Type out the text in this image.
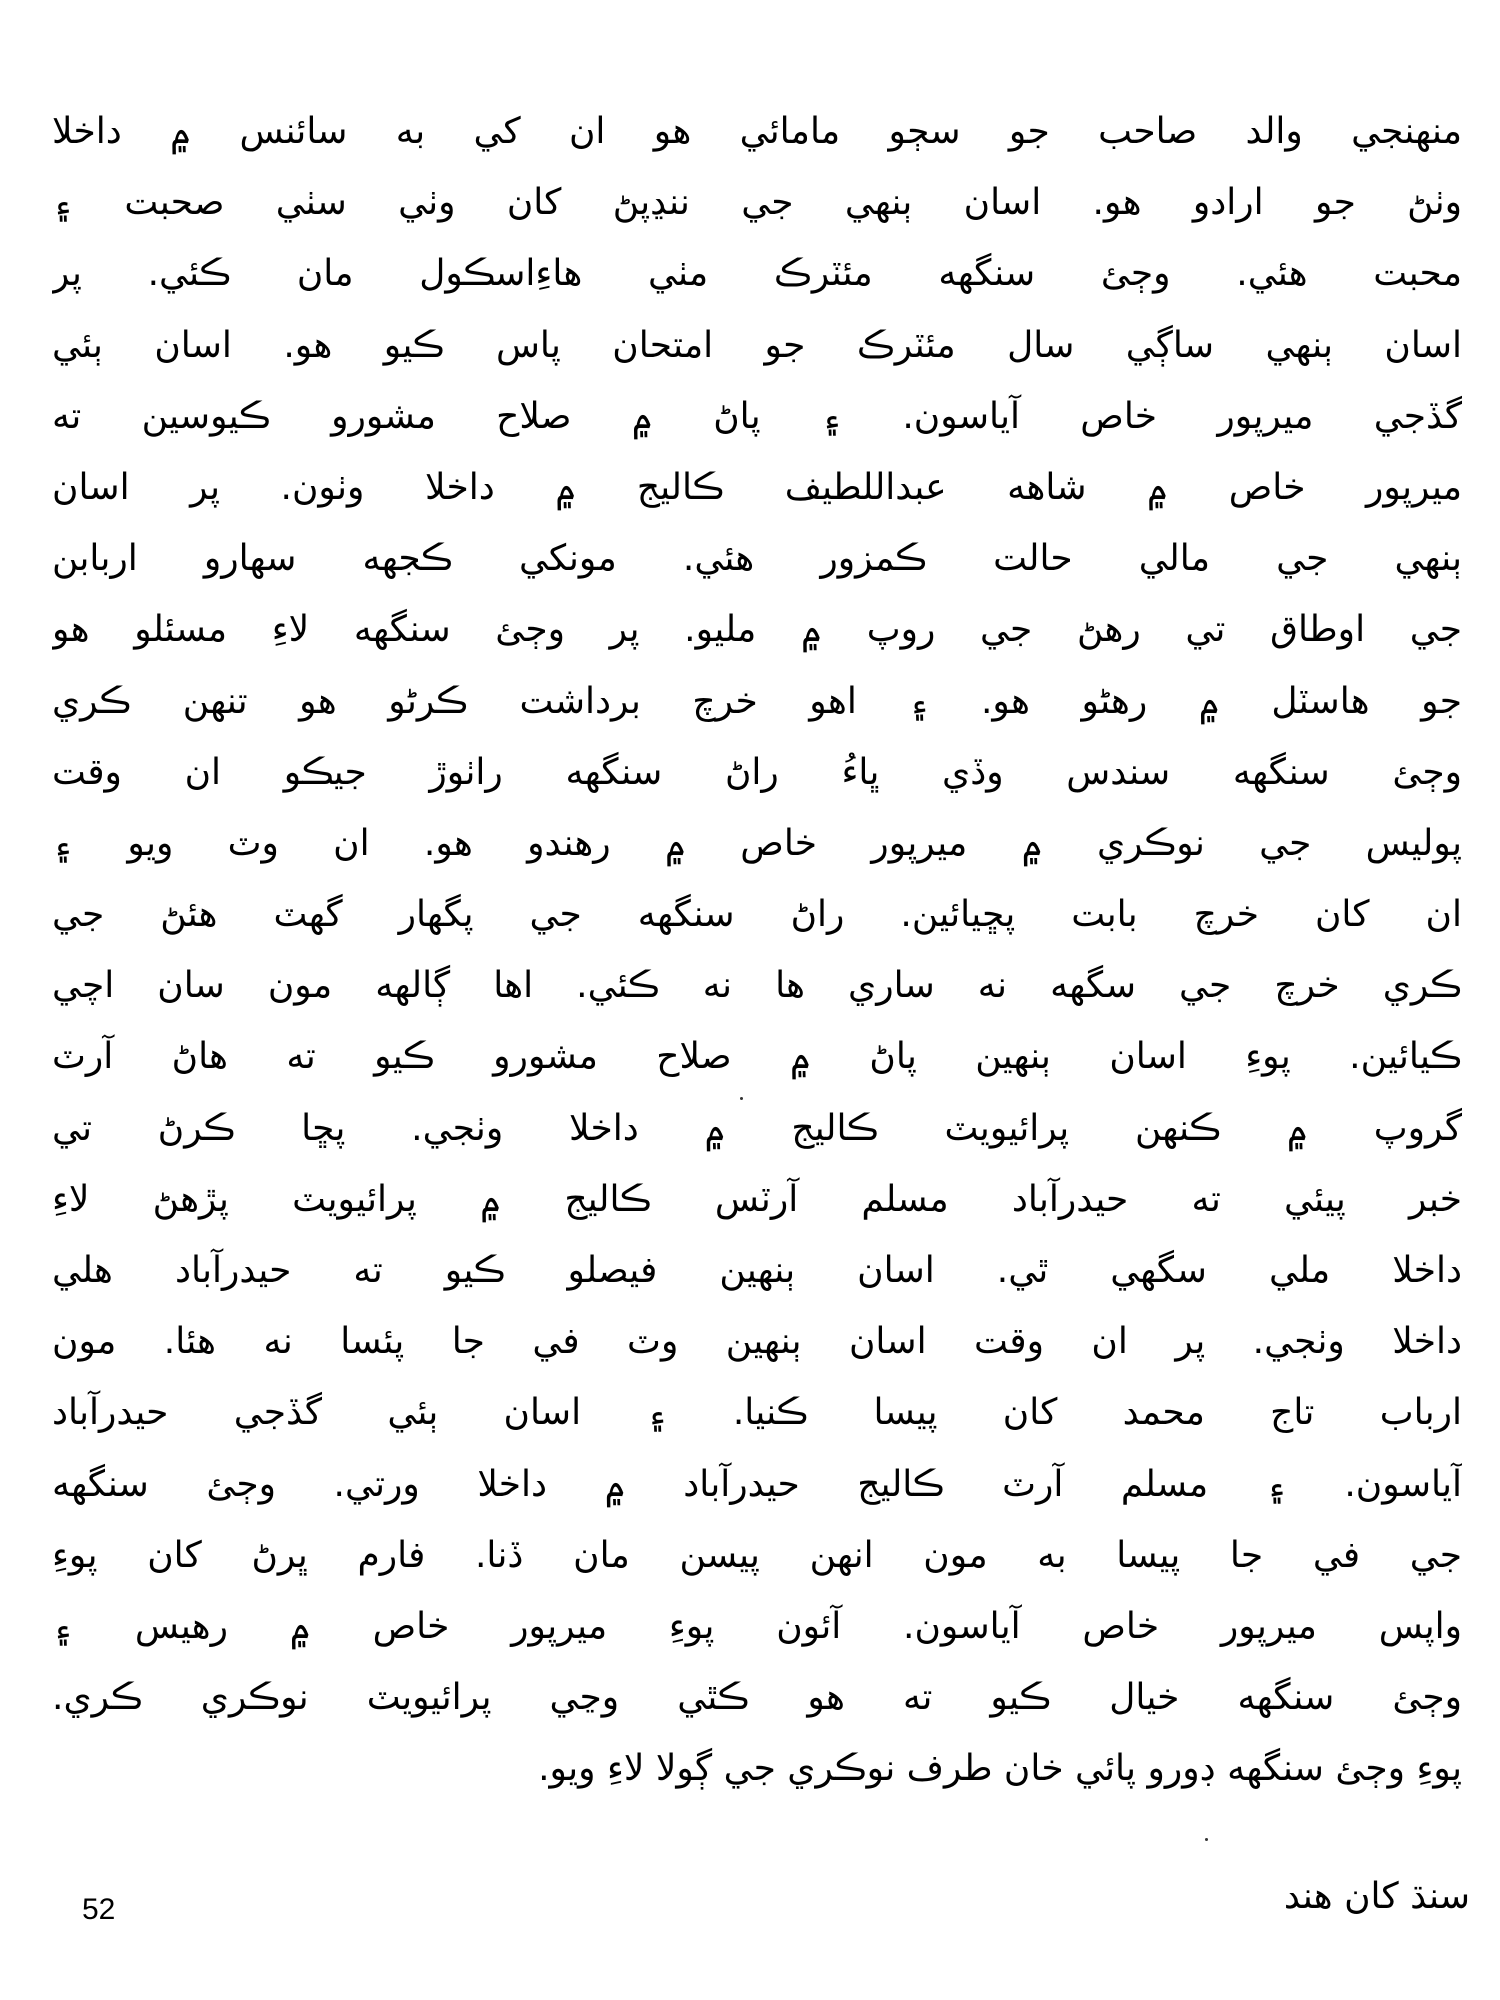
منهنجي والد صاحب جو سڄو مامائي هو ان کي به سائنس ۾ داخلا
وٺڻ جو ارادو هو. اسان ٻنهي جي ننڍپڻ کان وٺي سٺي صحبت ۽
محبت هئي. وڄئ سنگهه مئٽرڪ مٺي هاءِاسڪول مان ڪئي. پر
اسان ٻنهي ساڳي سال مئٽرڪ جو امتحان پاس ڪيو هو. اسان ٻئي
گڏجي ميرپور خاص آياسون. ۽ پاڻ ۾ صلاح مشورو ڪيوسين ته
ميرپور خاص ۾ شاهه عبداللطيف ڪاليج ۾ داخلا وٺون. پر اسان
ٻنهي جي مالي حالت ڪمزور هئي. مونکي ڪجهه سهارو اربابن
جي اوطاق تي رهڻ جي روپ ۾ مليو. پر وڄئ سنگهه لاءِ مسئلو هو
جو هاسٽل ۾ رهڻو هو. ۽ اهو خرچ برداشت ڪرڻو هو تنهن ڪري
وڄئ سنگهه سندس وڏي ڀاءُ راڻ سنگهه راٺوڙ جيڪو ان وقت
پوليس جي نوڪري ۾ ميرپور خاص ۾ رهندو هو. ان وٽ ويو ۽
ان کان خرچ بابت پڇيائين. راڻ سنگهه جي پگهار گهٽ هئڻ جي
ڪري خرچ جي سگهه نه ساري ها نه ڪئي. اها ڳالهه مون سان اچي
ڪيائين. پوءِ اسان ٻنهين پاڻ ۾ صلاح مشورو ڪيو ته هاڻ آرٽ
گروپ ۾ ڪنهن پرائيويٽ ڪاليج ۾ داخلا وٺجي. پڇا ڪرڻ تي
خبر پيئي ته حيدرآباد مسلم آرٽس ڪاليج ۾ پرائيويٽ پڙهڻ لاءِ
داخلا ملي سگهي ٿي. اسان ٻنهين فيصلو ڪيو ته حيدرآباد هلي
داخلا وٺجي. پر ان وقت اسان ٻنهين وٽ في جا پئسا نه هئا. مون
ارباب تاج محمد کان پيسا ڪنيا. ۽ اسان ٻئي گڏجي حيدرآباد
آياسون. ۽ مسلم آرٽ ڪاليج حيدرآباد ۾ داخلا ورتي. وڄئ سنگهه
جي في جا پيسا به مون انهن پيسن مان ڏنا. فارم ڀرڻ کان پوءِ
واپس ميرپور خاص آياسون. آئون پوءِ ميرپور خاص ۾ رهيس ۽
وڄئ سنگهه خيال ڪيو ته هو ڪٿي وڃي پرائيويٽ نوڪري ڪري.
پوءِ وڄئ سنگهه ڊورو پائي خان طرف نوڪري جي ڳولا لاءِ ويو.
سنڌ کان هند
52
